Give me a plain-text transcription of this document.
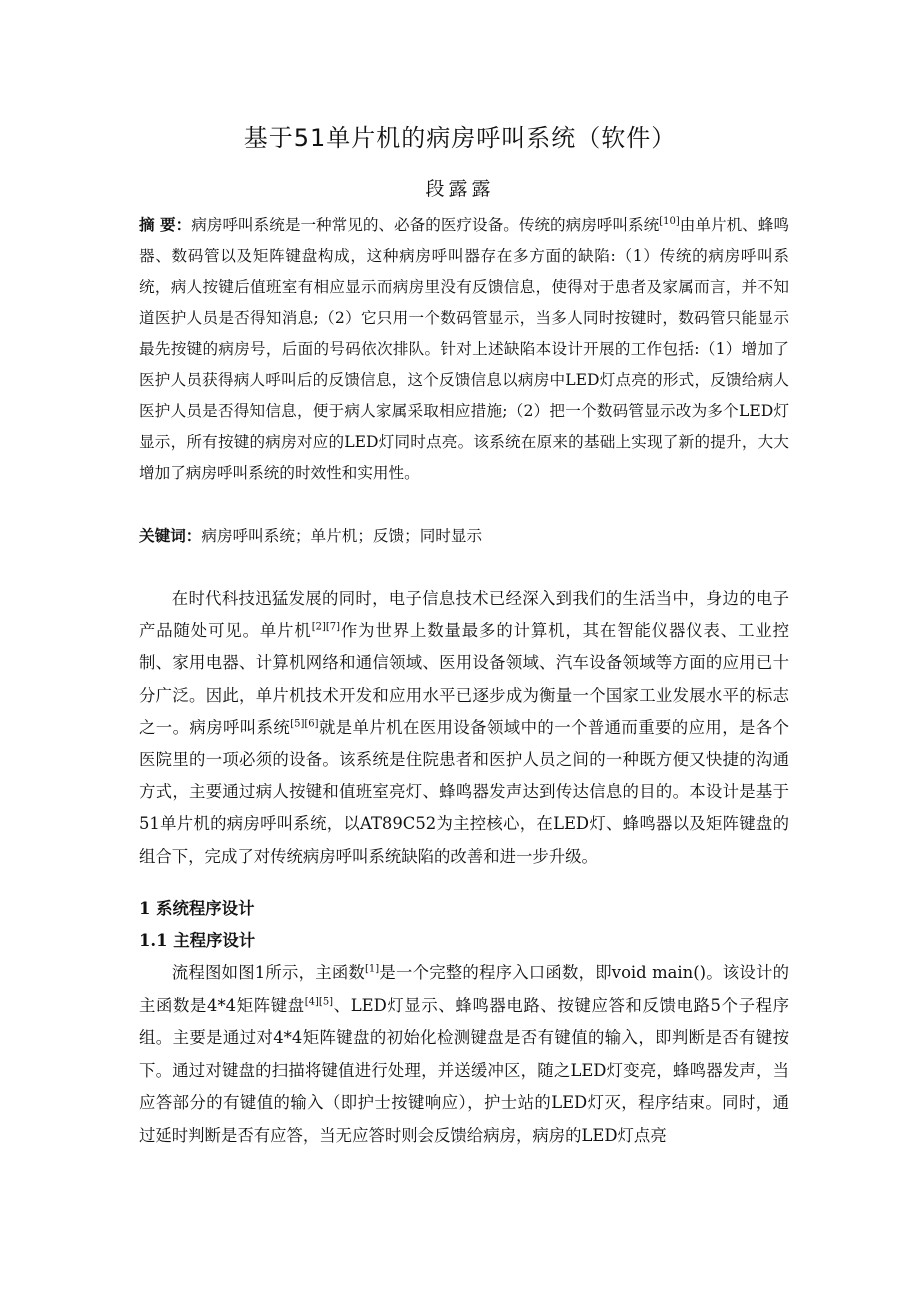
基于51单片机的病房呼叫系统（软件）
段露露
摘 要：病房呼叫系统是一种常见的、必备的医疗设备。传统的病房呼叫系统[10]由单片机、蜂鸣器、数码管以及矩阵键盘构成，这种病房呼叫器存在多方面的缺陷:（1）传统的病房呼叫系统，病人按键后值班室有相应显示而病房里没有反馈信息，使得对于患者及家属而言，并不知道医护人员是否得知消息;（2）它只用一个数码管显示，当多人同时按键时，数码管只能显示最先按键的病房号，后面的号码依次排队。针对上述缺陷本设计开展的工作包括:（1）增加了医护人员获得病人呼叫后的反馈信息，这个反馈信息以病房中LED灯点亮的形式，反馈给病人医护人员是否得知信息，便于病人家属采取相应措施;（2）把一个数码管显示改为多个LED灯显示，所有按键的病房对应的LED灯同时点亮。该系统在原来的基础上实现了新的提升，大大增加了病房呼叫系统的时效性和实用性。
关键词：病房呼叫系统；单片机；反馈；同时显示

在时代科技迅猛发展的同时，电子信息技术已经深入到我们的生活当中，身边的电子产品随处可见。单片机[2][7]作为世界上数量最多的计算机，其在智能仪器仪表、工业控制、家用电器、计算机网络和通信领域、医用设备领域、汽车设备领域等方面的应用已十分广泛。因此，单片机技术开发和应用水平已逐步成为衡量一个国家工业发展水平的标志之一。病房呼叫系统[5][6]就是单片机在医用设备领域中的一个普通而重要的应用，是各个医院里的一项必须的设备。该系统是住院患者和医护人员之间的一种既方便又快捷的沟通方式，主要通过病人按键和值班室亮灯、蜂鸣器发声达到传达信息的目的。本设计是基于51单片机的病房呼叫系统，以AT89C52为主控核心，在LED灯、蜂鸣器以及矩阵键盘的组合下，完成了对传统病房呼叫系统缺陷的改善和进一步升级。

1 系统程序设计
1.1 主程序设计

流程图如图1所示，主函数[1]是一个完整的程序入口函数，即void main()。该设计的主函数是4*4矩阵键盘[4][5]、LED灯显示、蜂鸣器电路、按键应答和反馈电路5个子程序组。主要是通过对4*4矩阵键盘的初始化检测键盘是否有键值的输入，即判断是否有键按下。通过对键盘的扫描将键值进行处理，并送缓冲区，随之LED灯变亮，蜂鸣器发声，当应答部分的有键值的输入（即护士按键响应），护士站的LED灯灭，程序结束。同时，通过延时判断是否有应答，当无应答时则会反馈给病房，病房的LED灯点亮
